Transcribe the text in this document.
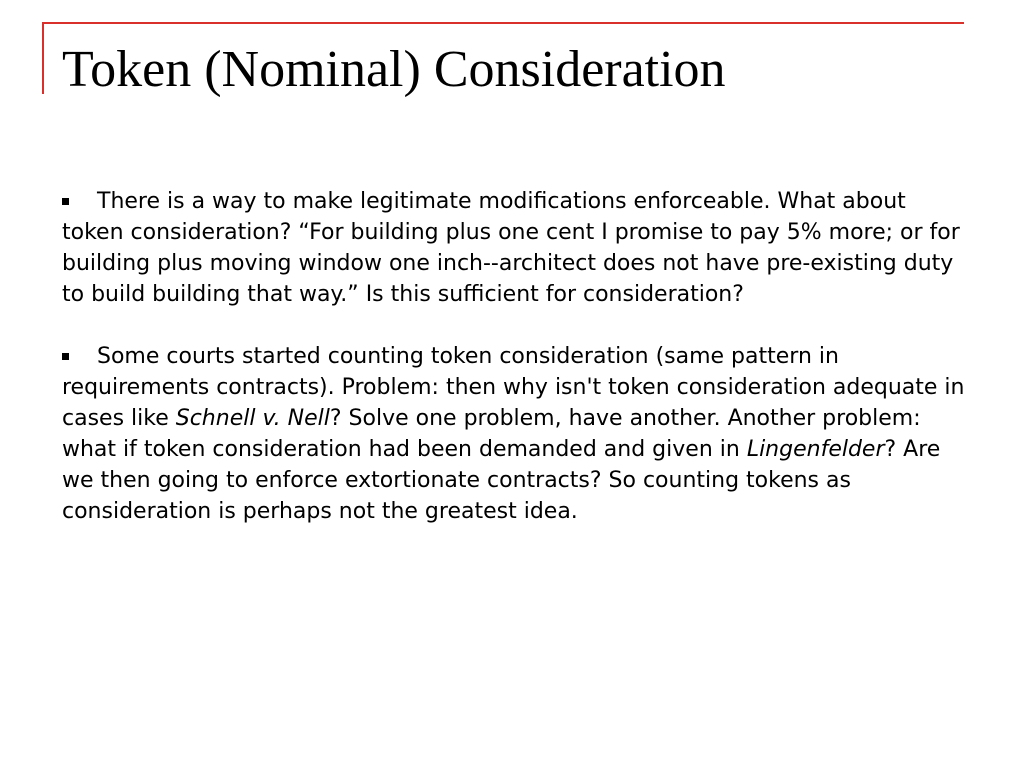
Token (Nominal) Consideration

There is a way to make legitimate modifications enforceable. What about token consideration? “For building plus one cent I promise to pay 5% more; or for building plus moving window one inch--architect does not have pre-existing duty to build building that way.” Is this sufficient for consideration?

Some courts started counting token consideration (same pattern in requirements contracts). Problem: then why isn't token consideration adequate in cases like Schnell v. Nell? Solve one problem, have another. Another problem: what if token consideration had been demanded and given in Lingenfelder? Are we then going to enforce extortionate contracts? So counting tokens as consideration is perhaps not the greatest idea.
